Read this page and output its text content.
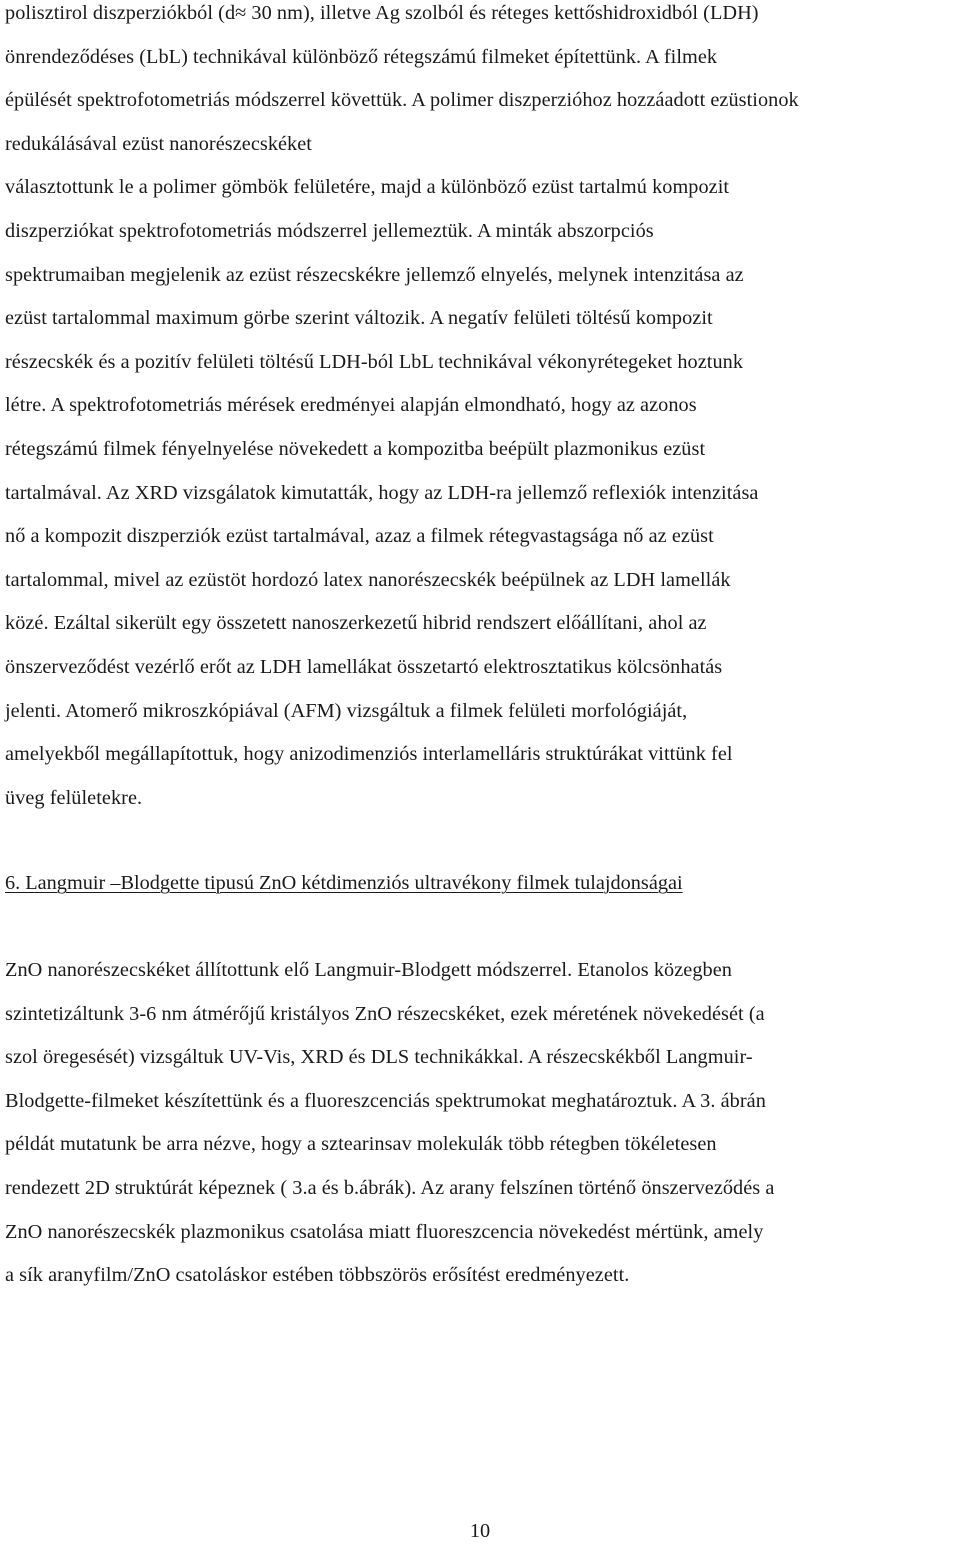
polisztirol diszperziókból (d≈ 30 nm), illetve Ag szolból és réteges kettőshidroxidból (LDH)
önrendeződéses (LbL) technikával különböző rétegszámú filmeket építettünk. A filmek
épülését spektrofotometriás módszerrel követtük. A polimer diszperzióhoz hozzáadott ezüstionok redukálásával ezüst nanorészecskéket
választottunk le a polimer gömbök felületére, majd a különböző ezüst tartalmú kompozit
diszperziókat spektrofotometriás módszerrel jellemeztük. A minták abszorpciós
spektrumaiban megjelenik az ezüst részecskékre jellemző elnyelés, melynek intenzitása az
ezüst tartalommal maximum görbe szerint változik. A negatív felületi töltésű kompozit
részecskék és a pozitív felületi töltésű LDH-ból LbL technikával vékonyrétegeket hoztunk
létre. A spektrofotometriás mérések eredményei alapján elmondható, hogy az azonos
rétegszámú filmek fényelnyelése növekedett a kompozitba beépült plazmonikus ezüst
tartalmával. Az XRD vizsgálatok kimutatták, hogy az LDH-ra jellemző reflexiók intenzitása
nő a kompozit diszperziók ezüst tartalmával, azaz a filmek rétegvastagsága nő az ezüst
tartalommal, mivel az ezüstöt hordozó latex nanorészecskék beépülnek az LDH lamellák
közé. Ezáltal sikerült egy összetett nanoszerkezetű hibrid rendszert előállítani, ahol az
önszerveződést vezérlő erőt az LDH lamellákat összetartó elektrosztatikus kölcsönhatás
jelenti. Atomerő mikroszkópiával (AFM) vizsgáltuk a filmek felületi morfológiáját,
amelyekből megállapítottuk, hogy anizodimenziós interlamelláris struktúrákat vittünk fel
üveg felületekre.

6. Langmuir –Blodgette tipusú ZnO kétdimenziós ultravékony filmek tulajdonságai

ZnO nanorészecskéket állítottunk elő Langmuir-Blodgett módszerrel. Etanolos közegben
szintetizáltunk 3-6 nm átmérőjű kristályos ZnO részecskéket, ezek méretének növekedését (a
szol öregesését) vizsgáltuk UV-Vis, XRD és DLS technikákkal. A részecskékből Langmuir-
Blodgette-filmeket készítettünk és a fluoreszcenciás spektrumokat meghatároztuk. A 3. ábrán
példát mutatunk be arra nézve, hogy a sztearinsav molekulák több rétegben tökéletesen
rendezett 2D struktúrát képeznek ( 3.a és b.ábrák). Az arany felszínen történő önszerveződés a
ZnO nanorészecskék plazmonikus csatolása miatt fluoreszcencia növekedést mértünk, amely
a sík aranyfilm/ZnO csatoláskor estében többszörös erősítést eredményezett.

10
